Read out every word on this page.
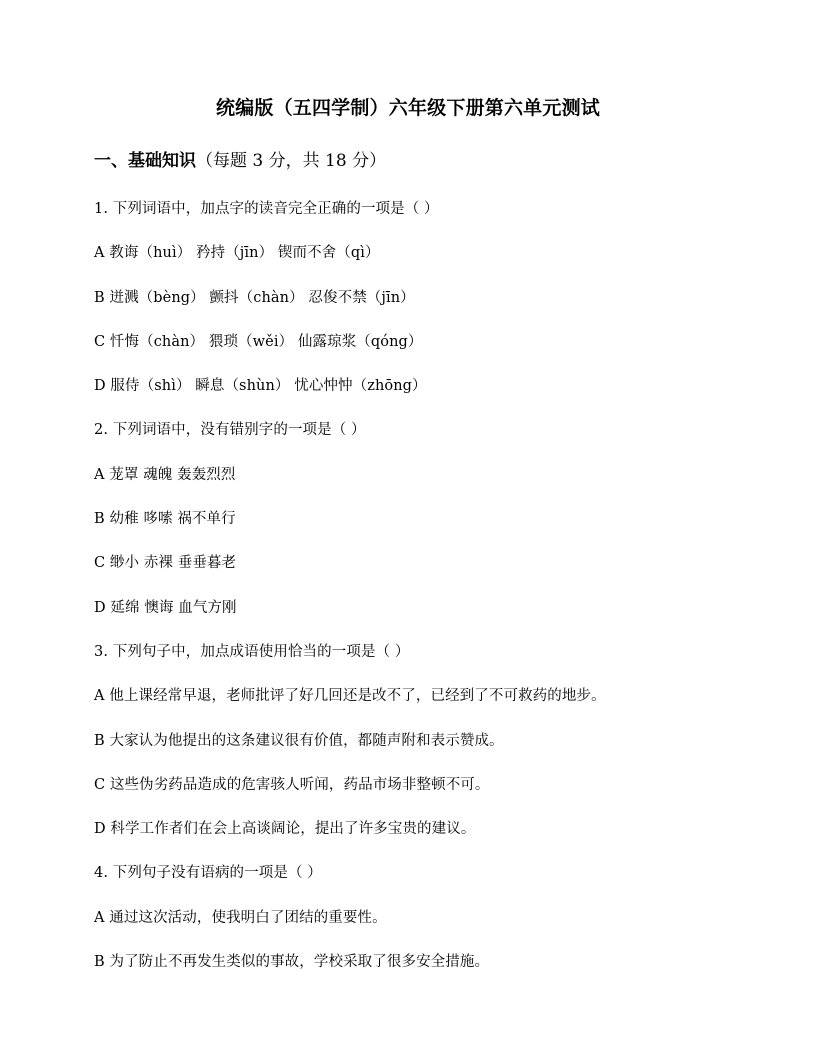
统编版（五四学制）六年级下册第六单元测试

一、基础知识（每题 3 分，共 18 分）

1. 下列词语中，加点字的读音完全正确的一项是（ ）
A 教诲（huì） 矜持（jīn） 锲而不舍（qì）
B 迸溅（bèng） 颤抖（chàn） 忍俊不禁（jīn）
C 忏悔（chàn） 猥琐（wěi） 仙露琼浆（qóng）
D 服侍（shì） 瞬息（shùn） 忧心忡忡（zhōng）
2. 下列词语中，没有错别字的一项是（ ）
A 茏罩 魂魄 轰轰烈烈
B 幼稚 哆嗦 祸不单行
C 缈小 赤裸 垂垂暮老
D 延绵 懊诲 血气方刚
3. 下列句子中，加点成语使用恰当的一项是（ ）
A 他上课经常早退，老师批评了好几回还是改不了，已经到了不可救药的地步。
B 大家认为他提出的这条建议很有价值，都随声附和表示赞成。
C 这些伪劣药品造成的危害骇人听闻，药品市场非整顿不可。
D 科学工作者们在会上高谈阔论，提出了许多宝贵的建议。
4. 下列句子没有语病的一项是（ ）
A 通过这次活动，使我明白了团结的重要性。
B 为了防止不再发生类似的事故，学校采取了很多安全措施。
